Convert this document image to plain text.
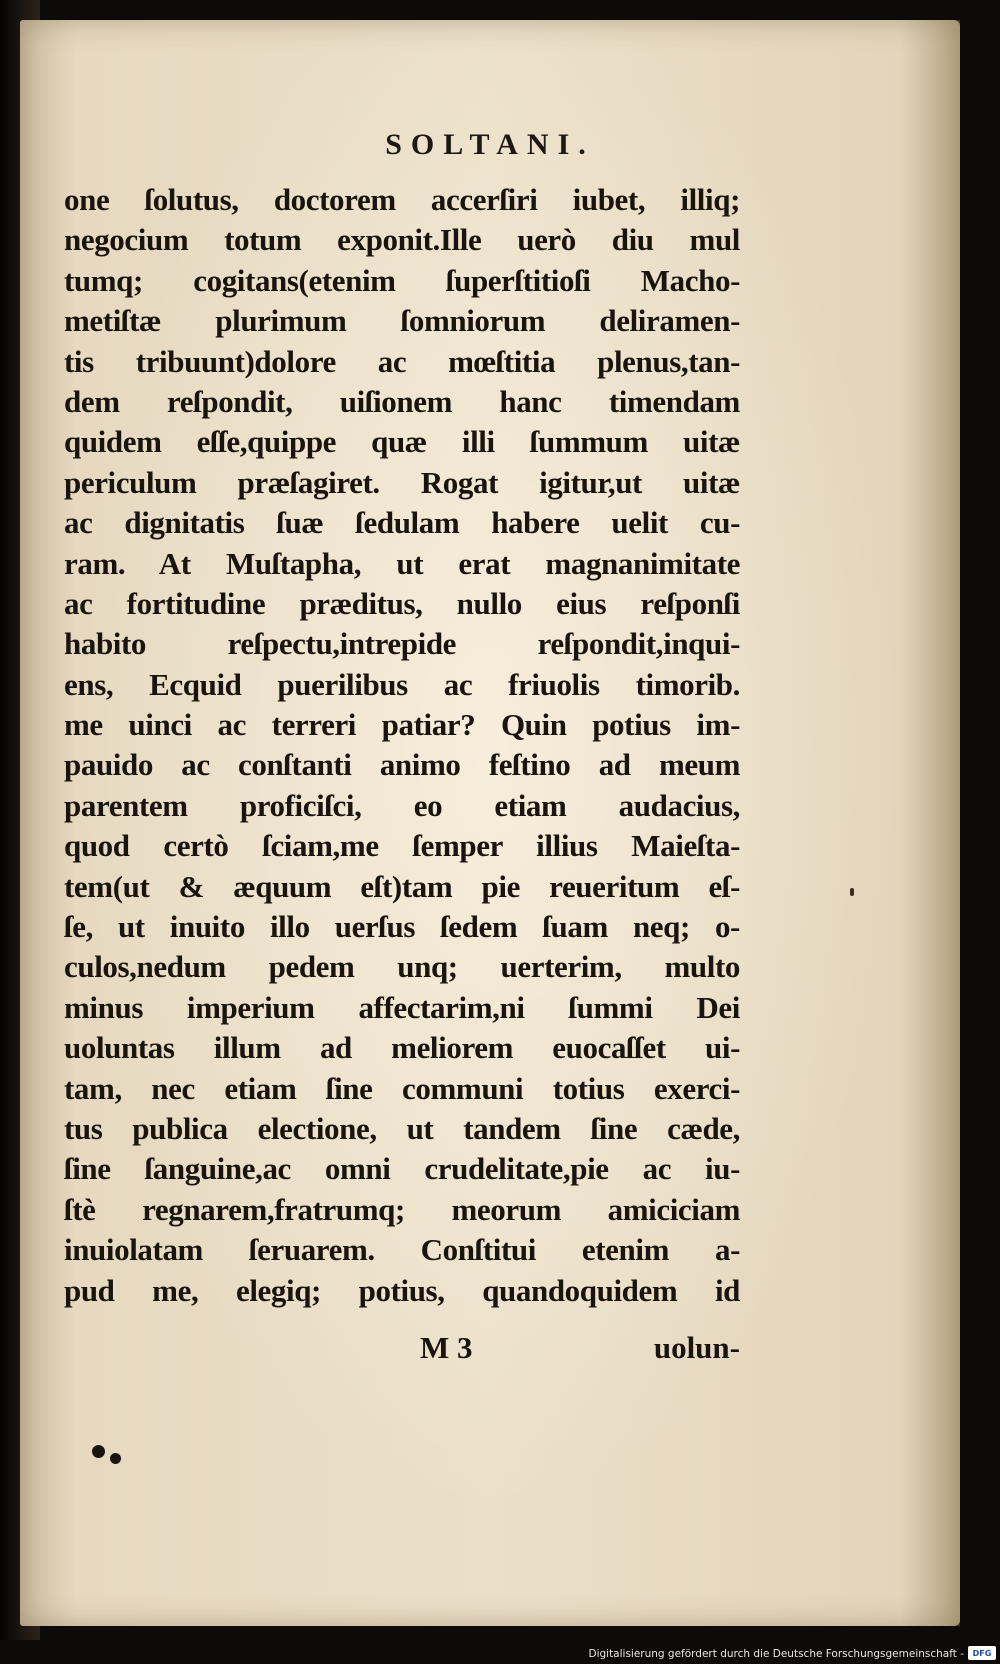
SOLTANI.
one ſolutus, doctorem accerſiri iubet, illiq;
negocium totum exponit.Ille uerò diu mul
tumq; cogitans(etenim ſuperſtitioſi Macho-
metiſtæ plurimum ſomniorum deliramen-
tis tribuunt)dolore ac mœſtitia plenus,tan-
dem reſpondit, uiſionem hanc timendam
quidem eſſe,quippe quæ illi ſummum uitæ
periculum præſagiret. Rogat igitur,ut uitæ
ac dignitatis ſuæ ſedulam habere uelit cu-
ram. At Muſtapha, ut erat magnanimitate
ac fortitudine præditus, nullo eius reſponſi
habito reſpectu,intrepide reſpondit,inqui-
ens, Ecquid puerilibus ac friuolis timorib.
me uinci ac terreri patiar? Quin potius im-
pauido ac conſtanti animo feſtino ad meum
parentem proficiſci, eo etiam audacius,
quod certò ſciam,me ſemper illius Maieſta-
tem(ut & æquum eſt)tam pie reueritum eſ-
ſe, ut inuito illo uerſus ſedem ſuam neq; o-
culos,nedum pedem unq; uerterim, multo
minus imperium affectarim,ni ſummi Dei
uoluntas illum ad meliorem euocaſſet ui-
tam, nec etiam ſine communi totius exerci-
tus publica electione, ut tandem ſine cæde,
ſine ſanguine,ac omni crudelitate,pie ac iu-
ſtè regnarem,fratrumq; meorum amiciciam
inuiolatam ſeruarem. Conſtitui etenim a-
pud me, elegiq; potius, quandoquidem id
M 3	uolun-
Digitalisierung gefördert durch die Deutsche Forschungsgemeinschaft -	DFG
